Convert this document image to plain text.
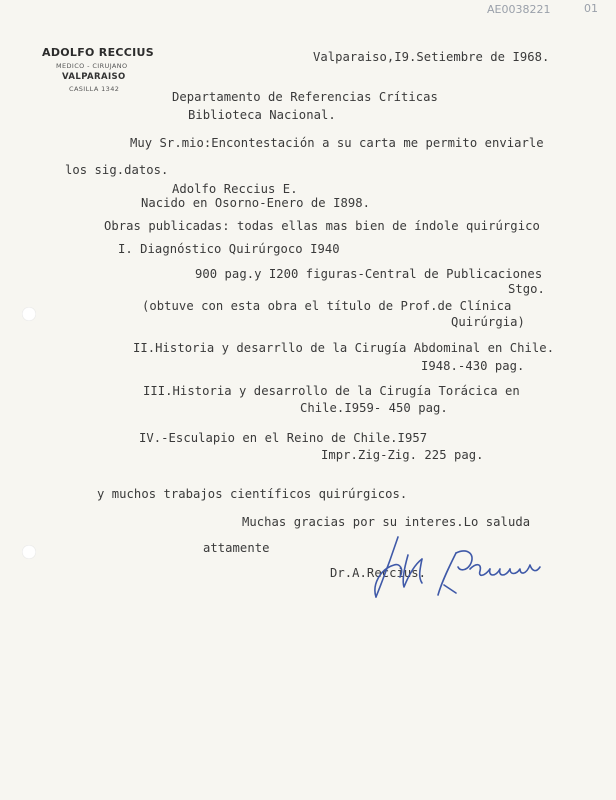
AE0038221	01
ADOLFO RECCIUS
MEDICO - CIRUJANO
VALPARAISO
CASILLA 1342
Valparaiso,I9.Setiembre de I968.
Departamento de Referencias Críticas
Biblioteca Nacional.
Muy Sr.mio:Encontestación a su carta me permito enviarle
los sig.datos.
Adolfo Reccius E.
Nacido en Osorno-Enero de I898.
Obras publicadas: todas ellas mas bien de índole quirúrgico
I. Diagnóstico Quirúrgoco I940
900 pag.y I200 figuras-Central de Publicaciones
Stgo.
(obtuve con esta obra el título de Prof.de Clínica
Quirúrgia)
II.Historia y desarrllo de la Cirugía Abdominal en Chile.
I948.-430 pag.
III.Historia y desarrollo de la Cirugía Torácica en
Chile.I959- 450 pag.
IV.-Esculapio en el Reino de Chile.I957
Impr.Zig-Zig. 225 pag.
y muchos trabajos científicos quirúrgicos.
Muchas gracias por su interes.Lo saluda
attamente
Dr.A.Reccius.
